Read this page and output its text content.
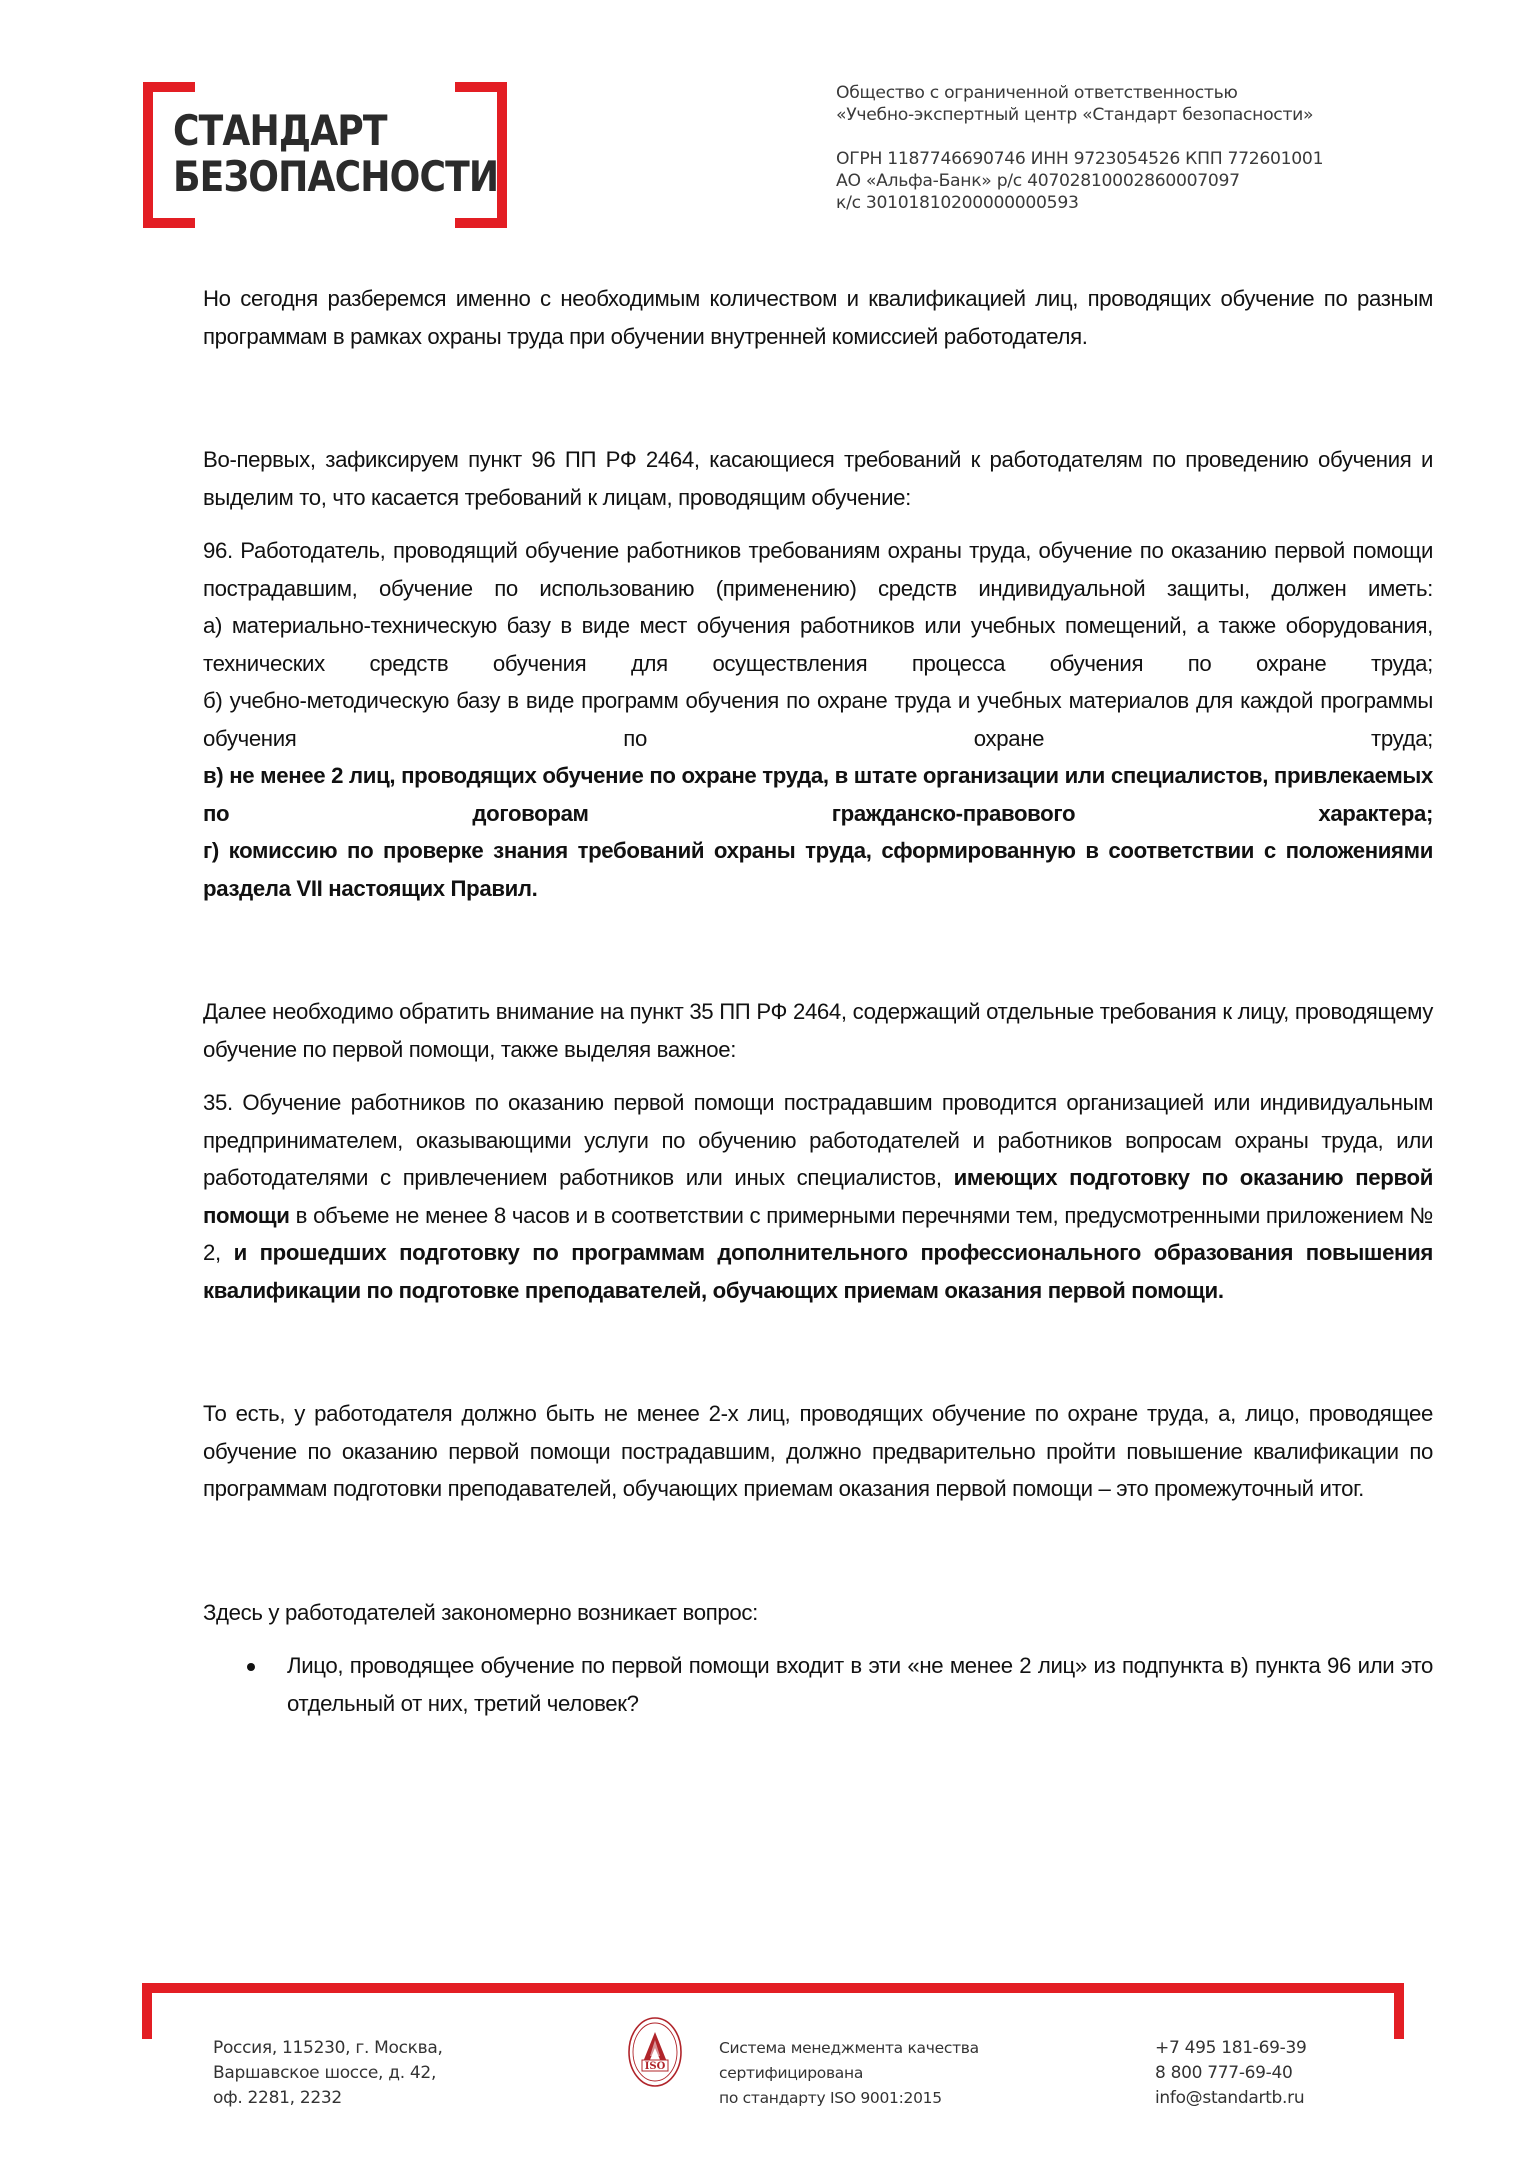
СТАНДАРТ
БЕЗОПАСНОСТИ
Общество с ограниченной ответственностью
«Учебно-экспертный центр «Стандарт безопасности»
ОГРН 1187746690746 ИНН 9723054526 КПП 772601001
АО «Альфа-Банк» р/с 40702810002860007097
к/с 30101810200000000593

Но сегодня разберемся именно с необходимым количеством и квалификацией лиц, проводящих обучение по разным программам в рамках охраны труда при обучении внутренней комиссией работодателя.

Во-первых, зафиксируем пункт 96 ПП РФ 2464, касающиеся требований к работодателям по проведению обучения и выделим то, что касается требований к лицам, проводящим обучение:

96. Работодатель, проводящий обучение работников требованиям охраны труда, обучение по оказанию первой помощи пострадавшим, обучение по использованию (применению) средств индивидуальной защиты, должен иметь:

а) материально-техническую базу в виде мест обучения работников или учебных помещений, а также оборудования, технических средств обучения для осуществления процесса обучения по охране труда;

б) учебно-методическую базу в виде программ обучения по охране труда и учебных материалов для каждой программы обучения по охране труда;

в) не менее 2 лиц, проводящих обучение по охране труда, в штате организации или специалистов, привлекаемых по договорам гражданско-правового характера;

г) комиссию по проверке знания требований охраны труда, сформированную в соответствии с положениями раздела VII настоящих Правил.

Далее необходимо обратить внимание на пункт 35 ПП РФ 2464, содержащий отдельные требования к лицу, проводящему обучение по первой помощи, также выделяя важное:

35. Обучение работников по оказанию первой помощи пострадавшим проводится организацией или индивидуальным предпринимателем, оказывающими услуги по обучению работодателей и работников вопросам охраны труда, или работодателями с привлечением работников или иных специалистов, имеющих подготовку по оказанию первой помощи в объеме не менее 8 часов и в соответствии с примерными перечнями тем, предусмотренными приложением № 2, и прошедших подготовку по программам дополнительного профессионального образования повышения квалификации по подготовке преподавателей, обучающих приемам оказания первой помощи.

То есть, у работодателя должно быть не менее 2-х лиц, проводящих обучение по охране труда, а, лицо, проводящее обучение по оказанию первой помощи пострадавшим, должно предварительно пройти повышение квалификации по программам подготовки преподавателей, обучающих приемам оказания первой помощи – это промежуточный итог.

Здесь у работодателей закономерно возникает вопрос:

Лицо, проводящее обучение по первой помощи входит в эти «не менее 2 лиц» из подпункта в) пункта 96 или это отдельный от них, третий человек?
Россия, 115230, г. Москва,
Варшавское шоссе, д. 42,
оф. 2281, 2232
ISO
Система менеджмента качества
сертифицирована
по стандарту ISO 9001:2015
+7 495 181-69-39
8 800 777-69-40
info@standartb.ru
